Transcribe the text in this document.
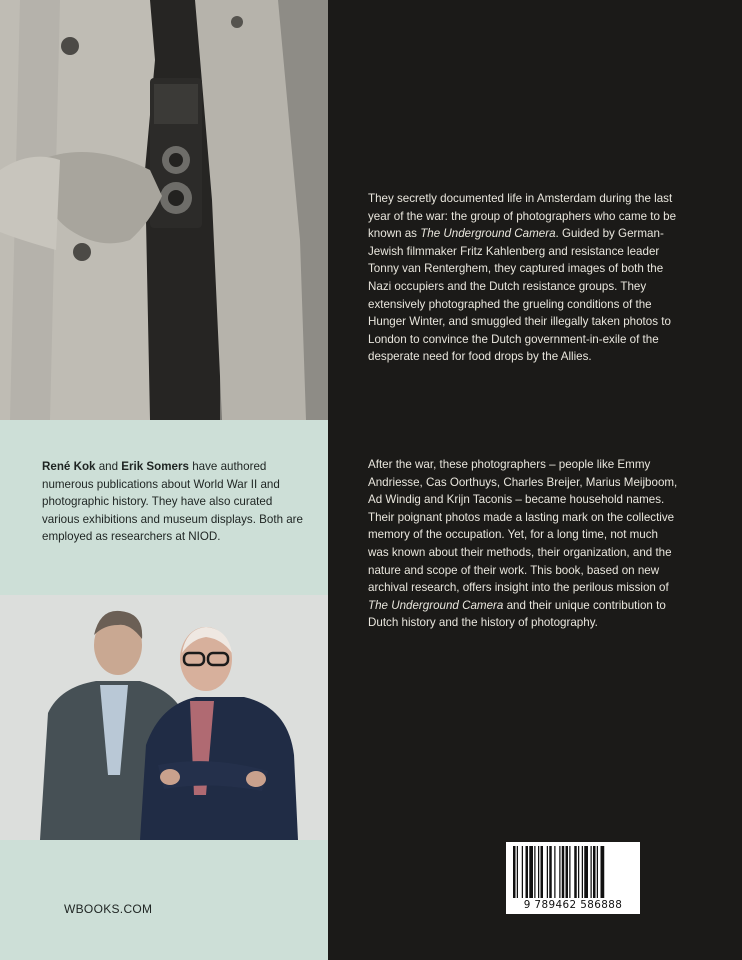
René Kok and Erik Somers have authored numerous publications about World War II and photographic history. They have also curated various exhibitions and museum displays. Both are employed as researchers at NIOD.

WBOOKS.COM

They secretly documented life in Amsterdam during the last year of the war: the group of photographers who came to be known as The Underground Camera. Guided by German-Jewish filmmaker Fritz Kahlenberg and resistance leader Tonny van Renterghem, they captured images of both the Nazi occupiers and the Dutch resistance groups. They extensively photographed the grueling conditions of the Hunger Winter, and smuggled their illegally taken photos to London to convince the Dutch government-in-exile of the desperate need for food drops by the Allies.

After the war, these photographers – people like Emmy Andriesse, Cas Oorthuys, Charles Breijer, Marius Meijboom, Ad Windig and Krijn Taconis – became household names. Their poignant photos made a lasting mark on the collective memory of the occupation. Yet, for a long time, not much was known about their methods, their organization, and the nature and scope of their work. This book, based on new archival research, offers insight into the perilous mission of The Underground Camera and their unique contribution to Dutch history and the history of photography.

9 789462 586888
